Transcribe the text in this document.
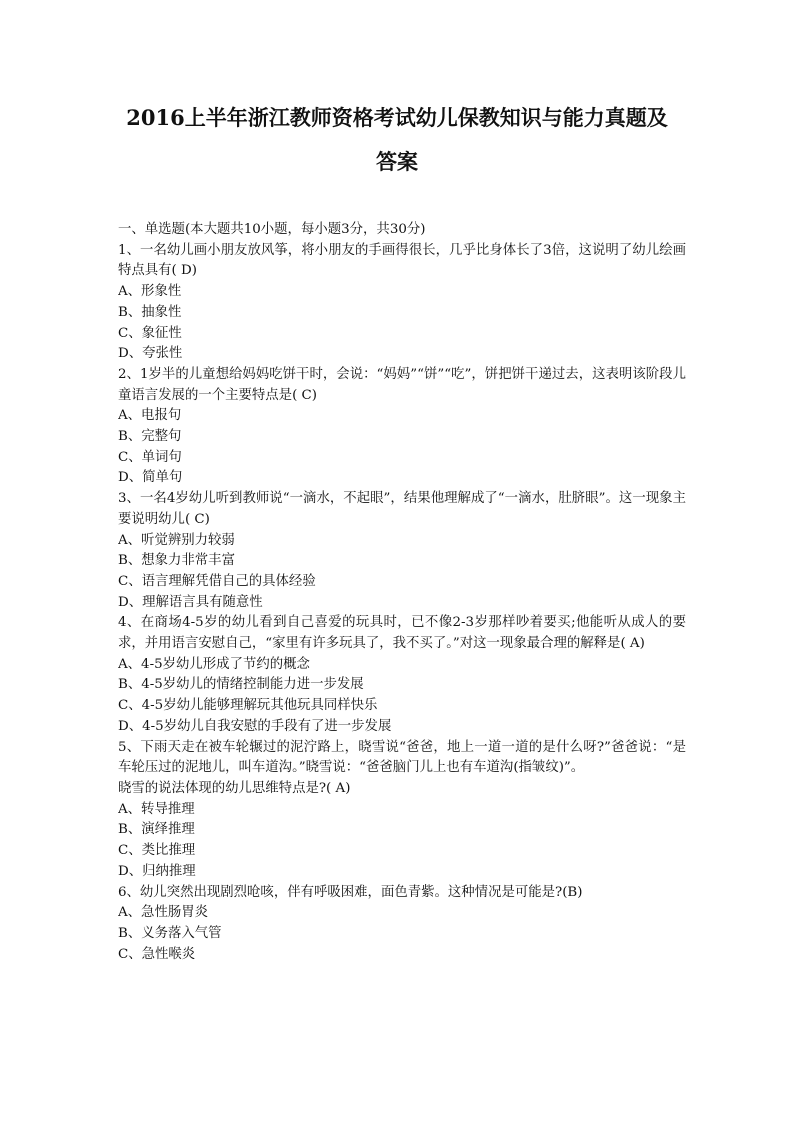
2016上半年浙江教师资格考试幼儿保教知识与能力真题及
答案
一、单选题(本大题共10小题，每小题3分，共30分)
1、一名幼儿画小朋友放风筝，将小朋友的手画得很长，几乎比身体长了3倍，这说明了幼儿绘画特点具有( D)
A、形象性
B、抽象性
C、象征性
D、夸张性
2、1岁半的儿童想给妈妈吃饼干时，会说：“妈妈”“饼”“吃”，饼把饼干递过去，这表明该阶段儿童语言发展的一个主要特点是( C)
A、电报句
B、完整句
C、单词句
D、简单句
3、一名4岁幼儿听到教师说“一滴水，不起眼”，结果他理解成了“一滴水，肚脐眼”。这一现象主要说明幼儿( C)
A、听觉辨别力较弱
B、想象力非常丰富
C、语言理解凭借自己的具体经验
D、理解语言具有随意性
4、在商场4-5岁的幼儿看到自己喜爱的玩具时，已不像2-3岁那样吵着要买;他能听从成人的要求，并用语言安慰自己，“家里有许多玩具了，我不买了。”对这一现象最合理的解释是( A)
A、4-5岁幼儿形成了节约的概念
B、4-5岁幼儿的情绪控制能力进一步发展
C、4-5岁幼儿能够理解玩其他玩具同样快乐
D、4-5岁幼儿自我安慰的手段有了进一步发展
5、下雨天走在被车轮辗过的泥泞路上，晓雪说“爸爸，地上一道一道的是什么呀?”爸爸说：“是车轮压过的泥地儿，叫车道沟。”晓雪说：“爸爸脑门儿上也有车道沟(指皱纹)”。
晓雪的说法体现的幼儿思维特点是?( A)
A、转导推理
B、演绎推理
C、类比推理
D、归纳推理
6、幼儿突然出现剧烈呛咳，伴有呼吸困难，面色青紫。这种情况是可能是?(B)
A、急性肠胃炎
B、义务落入气管
C、急性喉炎
